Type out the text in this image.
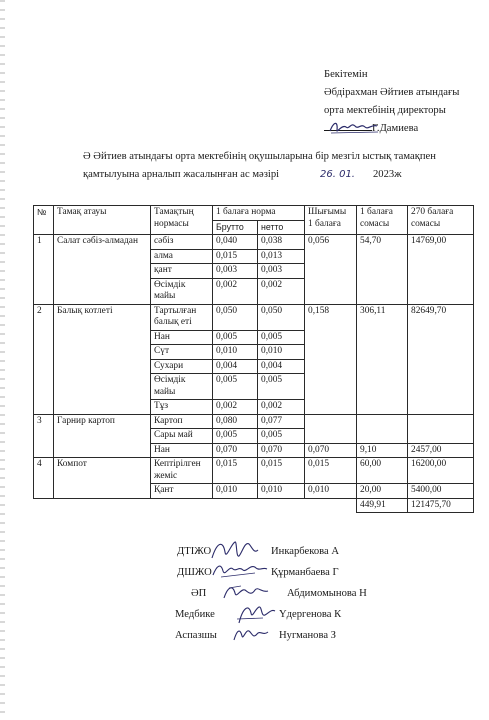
Бекітемін
Әбдірахман Әйтиев атындағы
орта мектебінің директоры
Г.Дамиева
Ә Әйтиев атындағы орта мектебінің оқушыларына бір мезгіл ыстық тамақпен
қамтылуына арналып жасалынған ас мәзірі	26. 01. 2023ж
№	Тамақ атауы	Тамақтың нормасы	1 балаға норма		Шығымы 1 балаға	1 балаға сомасы	270 балаға сомасы
			Брутто	нетто			
1	Салат сәбіз-алмадан	сәбіз	0,040	0,038	0,056	54,70	14769,00
		алма	0,015	0,013			
		қант	0,003	0,003			
		Өсімдік майы	0,002	0,002			
2	Балық котлеті	Тартылған балық еті	0,050	0,050	0,158	306,11	82649,70
		Нан	0,005	0,005			
		Сүт	0,010	0,010			
		Сухари	0,004	0,004			
		Өсімдік майы	0,005	0,005			
		Тұз	0,002	0,002			
3	Гарнир картоп	Картоп	0,080	0,077			
		Сары май	0,005	0,005			
		Нан	0,070	0,070	0,070	9,10	2457,00
4	Компот	Кептірілген жеміс	0,015	0,015	0,015	60,00	16200,00
		Қант	0,010	0,010	0,010	20,00	5400,00
						449,91	121475,70
ДТІЖО	Инкарбекова А
ДШЖО	Құрманбаева Г
ӘП	Абдимомынова Н
Медбике	Үдергенова К
Аспазшы	Нугманова З
